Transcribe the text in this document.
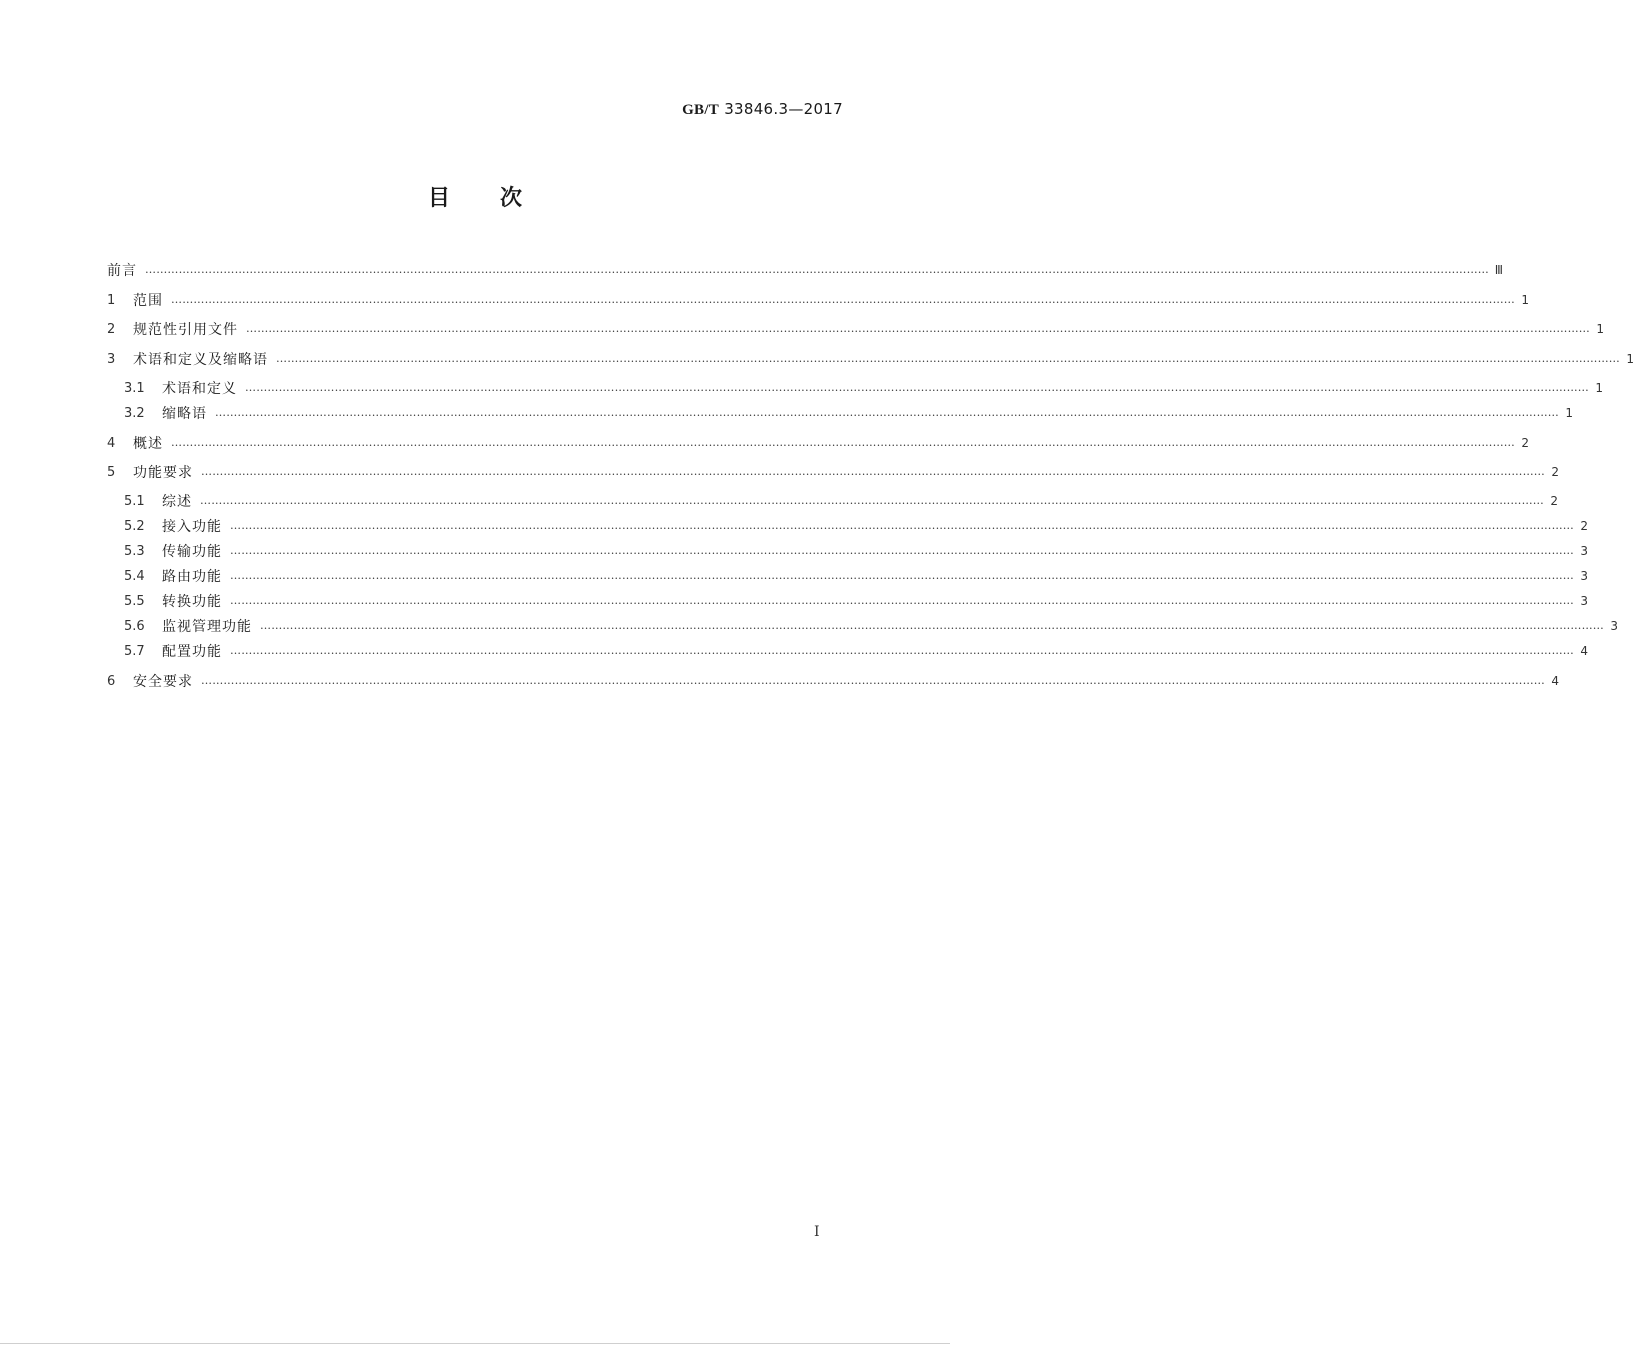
GB/T 33846.3—2017
目次
前言 ……………………………………………………………………………………………………………………………………………………………………………………………………………………………………………………………………………………………………………………………… Ⅲ
1	范围 ……………………………………………………………………………………………………………………………………………………………………………………………………………………………………………………………………………………………………………………………… 1
2	规范性引用文件 ……………………………………………………………………………………………………………………………………………………………………………………………………………………………………………………………………………………………………………………………… 1
3	术语和定义及缩略语 ……………………………………………………………………………………………………………………………………………………………………………………………………………………………………………………………………………………………………………………………… 1
3.1	术语和定义 ……………………………………………………………………………………………………………………………………………………………………………………………………………………………………………………………………………………………………………………………… 1
3.2	缩略语 ……………………………………………………………………………………………………………………………………………………………………………………………………………………………………………………………………………………………………………………………… 1
4	概述 ……………………………………………………………………………………………………………………………………………………………………………………………………………………………………………………………………………………………………………………………… 2
5	功能要求 ……………………………………………………………………………………………………………………………………………………………………………………………………………………………………………………………………………………………………………………………… 2
5.1	综述 ……………………………………………………………………………………………………………………………………………………………………………………………………………………………………………………………………………………………………………………………… 2
5.2	接入功能 ……………………………………………………………………………………………………………………………………………………………………………………………………………………………………………………………………………………………………………………………… 2
5.3	传输功能 ……………………………………………………………………………………………………………………………………………………………………………………………………………………………………………………………………………………………………………………………… 3
5.4	路由功能 ……………………………………………………………………………………………………………………………………………………………………………………………………………………………………………………………………………………………………………………………… 3
5.5	转换功能 ……………………………………………………………………………………………………………………………………………………………………………………………………………………………………………………………………………………………………………………………… 3
5.6	监视管理功能 ……………………………………………………………………………………………………………………………………………………………………………………………………………………………………………………………………………………………………………………………… 3
5.7	配置功能 ……………………………………………………………………………………………………………………………………………………………………………………………………………………………………………………………………………………………………………………………… 4
6	安全要求 ……………………………………………………………………………………………………………………………………………………………………………………………………………………………………………………………………………………………………………………………… 4
I
